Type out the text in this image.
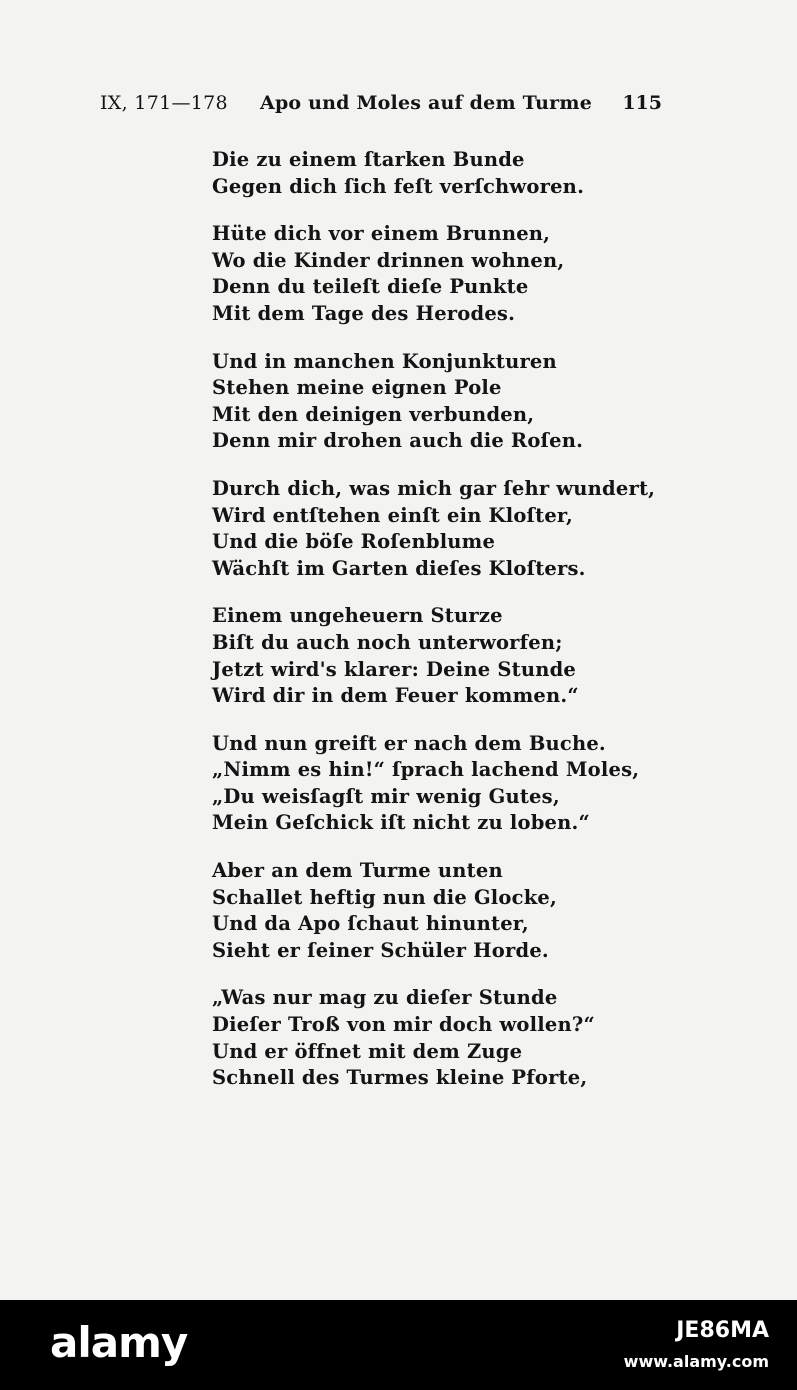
IX, 171—178 Apo und Moles auf dem Turme 115
Die zu einem ſtarken Bunde
Gegen dich ſich feſt verſchworen.
Hüte dich vor einem Brunnen,
Wo die Kinder drinnen wohnen,
Denn du teileſt dieſe Punkte
Mit dem Tage des Herodes.
Und in manchen Konjunkturen
Stehen meine eignen Pole
Mit den deinigen verbunden,
Denn mir drohen auch die Roſen.
Durch dich, was mich gar ſehr wundert,
Wird entſtehen einſt ein Kloſter,
Und die böſe Roſenblume
Wächſt im Garten dieſes Kloſters.
Einem ungeheuern Sturze
Biſt du auch noch unterworfen;
Jetzt wird's klarer: Deine Stunde
Wird dir in dem Feuer kommen.“
Und nun greift er nach dem Buche.
„Nimm es hin!“ ſprach lachend Moles,
„Du weisſagſt mir wenig Gutes,
Mein Geſchick iſt nicht zu loben.“
Aber an dem Turme unten
Schallet heftig nun die Glocke,
Und da Apo ſchaut hinunter,
Sieht er ſeiner Schüler Horde.
„Was nur mag zu dieſer Stunde
Dieſer Troß von mir doch wollen?“
Und er öffnet mit dem Zuge
Schnell des Turmes kleine Pforte,
alamy	JE86MA
www.alamy.com
